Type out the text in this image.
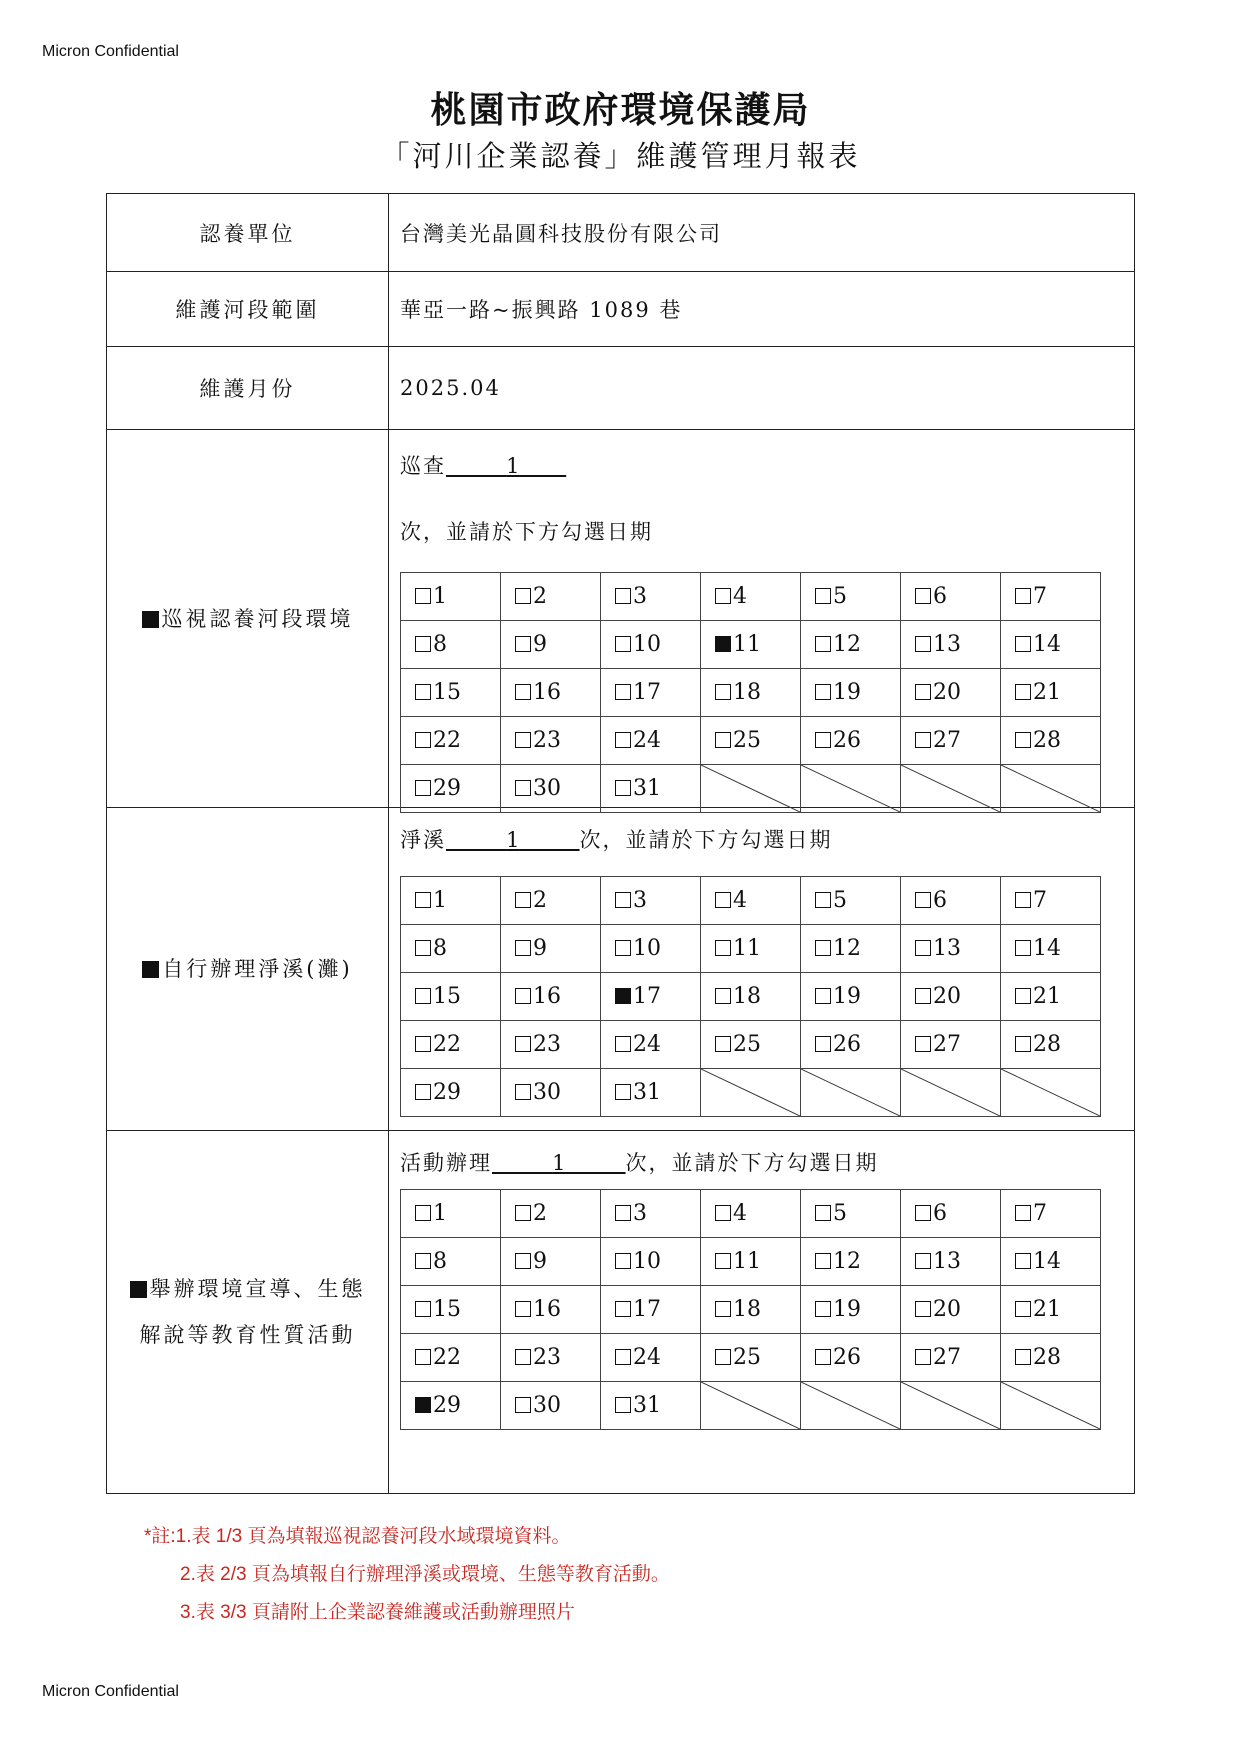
Micron Confidential
桃園市政府環境保護局
「河川企業認養」維護管理月報表
認養單位	台灣美光晶圓科技股份有限公司
維護河段範圍	華亞一路~振興路 1089 巷
維護月份	2025.04
巡視認養河段環境
巡查	1
次，並請於下方勾選日期
1	2	3	4	5	6	7
8	9	10	11	12	13	14
15	16	17	18	19	20	21
22	23	24	25	26	27	28
29	30	31	

自行辦理淨溪(灘)
淨溪	1	次，並請於下方勾選日期
1	2	3	4	5	6	7
8	9	10	11	12	13	14
15	16	17	18	19	20	21
22	23	24	25	26	27	28
29	30	31	

舉辦環境宣導、生態
解說等教育性質活動
活動辦理	1	次，並請於下方勾選日期
1	2	3	4	5	6	7
8	9	10	11	12	13	14
15	16	17	18	19	20	21
22	23	24	25	26	27	28
29	30	31	

*註:1.表 1/3 頁為填報巡視認養河段水域環境資料。
2.表 2/3 頁為填報自行辦理淨溪或環境、生態等教育活動。
3.表 3/3 頁請附上企業認養維護或活動辦理照片
Micron Confidential
